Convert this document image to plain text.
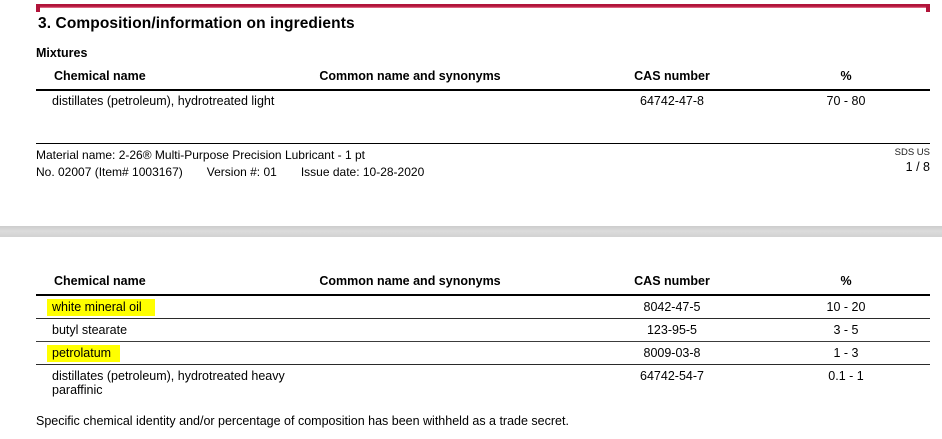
3. Composition/information on ingredients
Mixtures
Chemical name	Common name and synonyms	CAS number	%
distillates (petroleum), hydrotreated light		64742-47-8	70 - 80
Material name: 2-26® Multi-Purpose Precision Lubricant - 1 pt
No. 02007 (Item# 1003167) Version #: 01 Issue date: 10-28-2020
SDS US
1 / 8
Chemical name	Common name and synonyms	CAS number	%
white mineral oil		8042-47-5	10 - 20
butyl stearate		123-95-5	3 - 5
petrolatum		8009-03-8	1 - 3
distillates (petroleum), hydrotreated heavy paraffinic		64742-54-7	0.1 - 1
Specific chemical identity and/or percentage of composition has been withheld as a trade secret.
